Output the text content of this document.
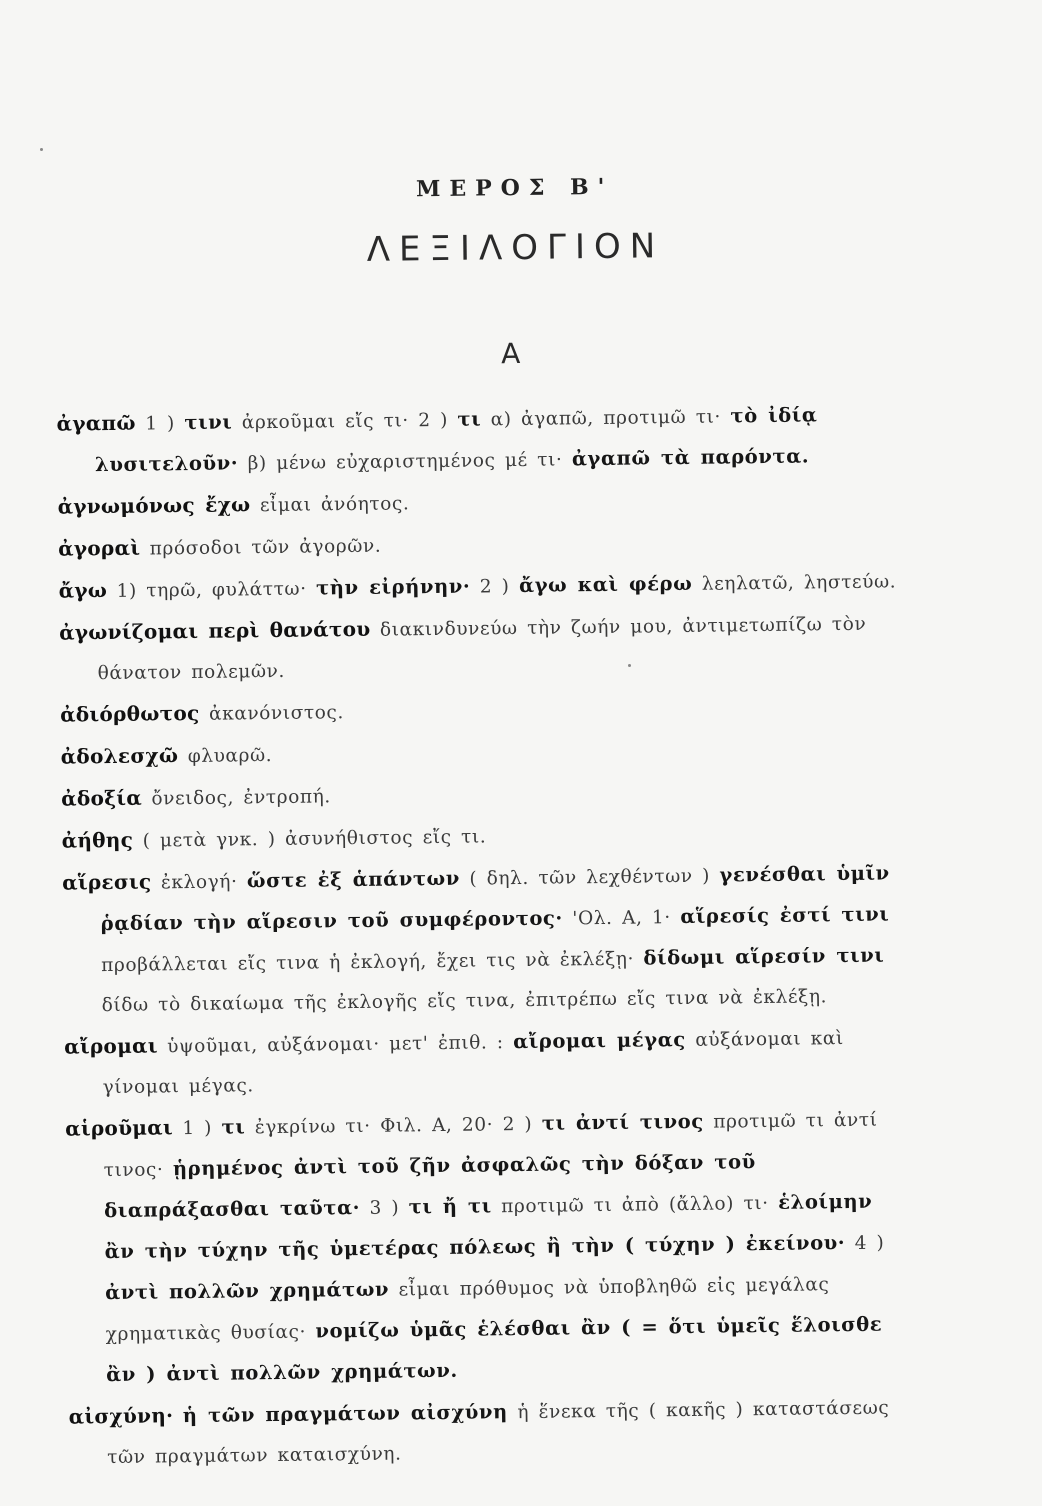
ΜΕΡΟΣ Β'
ΛΕΞΙΛΟΓΙΟΝ
Α

ἀγαπῶ 1 ) τινι ἀρκοῦμαι εἴς τι· 2 ) τι α) ἀγαπῶ, προτιμῶ τι· τὸ ἰδίᾳ λυσιτελοῦν· β) μένω εὐχαριστημένος μέ τι· ἀγαπῶ τὰ παρόντα.

ἀγνωμόνως ἔχω εἶμαι ἀνόητος.

ἀγοραὶ πρόσοδοι τῶν ἀγορῶν.

ἄγω 1) τηρῶ, φυλάττω· τὴν εἰρήνην· 2 ) ἄγω καὶ φέρω λεηλατῶ, ληστεύω.

ἀγωνίζομαι περὶ θανάτου διακινδυνεύω τὴν ζωήν μου, ἀντιμετωπίζω τὸν θάνατον πολεμῶν.

ἀδιόρθωτος ἀκανόνιστος.

ἀδολεσχῶ φλυαρῶ.

ἀδοξία ὄνειδος, ἐντροπή.

ἀήθης ( μετὰ γνκ. ) ἀσυνήθιστος εἴς τι.

αἵρεσις ἐκλογή· ὥστε ἐξ ἁπάντων ( δηλ. τῶν λεχθέντων ) γενέσθαι ὑμῖν ῥᾳδίαν τὴν αἵρεσιν τοῦ συμφέροντος· 'Ολ. Α, 1· αἵρεσίς ἐστί τινι προβάλλεται εἴς τινα ἡ ἐκλογή, ἔχει τις νὰ ἐκλέξῃ· δίδωμι αἵρεσίν τινι δίδω τὸ δικαίωμα τῆς ἐκλογῆς εἴς τινα, ἐπιτρέπω εἴς τινα νὰ ἐκλέξῃ.

αἴρομαι ὑψοῦμαι, αὐξάνομαι· μετ' ἐπιθ. : αἴρομαι μέγας αὐξάνομαι καὶ γίνομαι μέγας.

αἱροῦμαι 1 ) τι ἐγκρίνω τι· Φιλ. Α, 20· 2 ) τι ἀντί τινος προτιμῶ τι ἀντί τινος· ᾑρημένος ἀντὶ τοῦ ζῆν ἀσφαλῶς τὴν δόξαν τοῦ διαπράξασθαι ταῦτα· 3 ) τι ἤ τι προτιμῶ τι ἀπὸ (ἄλλο) τι· ἑλοίμην ἂν τὴν τύχην τῆς ὑμετέρας πόλεως ἢ τὴν ( τύχην ) ἐκείνου· 4 ) ἀντὶ πολλῶν χρημάτων εἶμαι πρόθυμος νὰ ὑποβληθῶ εἰς μεγάλας χρηματικὰς θυσίας· νομίζω ὑμᾶς ἑλέσθαι ἂν ( = ὅτι ὑμεῖς ἕλοισθε ἂν ) ἀντὶ πολλῶν χρημάτων.

αἰσχύνη· ἡ τῶν πραγμάτων αἰσχύνη ἡ ἕνεκα τῆς ( κακῆς ) καταστάσεως τῶν πραγμάτων καταισχύνη.
